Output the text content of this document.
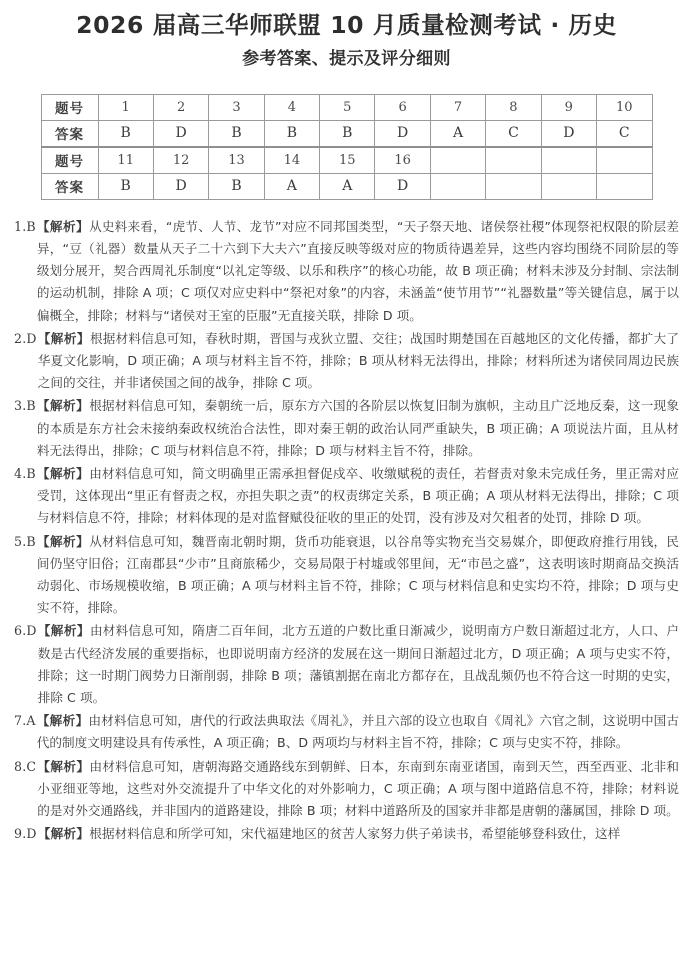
2026 届高三华师联盟 10 月质量检测考试 · 历史
参考答案、提示及评分细则
题号	1	2	3	4	5	6	7	8	9	10
答案	B	D	B	B	B	D	A	C	D	C
题号	11	12	13	14	15	16				
答案	B	D	B	A	A	D				
1.B 【解析】从史料来看，“虎节、人节、龙节”对应不同邦国类型，“天子祭天地、诸侯祭社稷”体现祭祀权限的阶层差异，“豆（礼器）数量从天子二十六到下大夫六”直接反映等级对应的物质待遇差异，这些内容均围绕不同阶层的等级划分展开，契合西周礼乐制度“以礼定等级、以乐和秩序”的核心功能，故 B 项正确；材料未涉及分封制、宗法制的运动机制，排除 A 项；C 项仅对应史料中“祭祀对象”的内容，未涵盖“使节用节”“礼器数量”等关键信息，属于以偏概全，排除；材料与“诸侯对王室的臣服”无直接关联，排除 D 项。
2.D 【解析】根据材料信息可知，春秋时期，晋国与戎狄立盟、交往；战国时期楚国在百越地区的文化传播，都扩大了华夏文化影响，D 项正确；A 项与材料主旨不符，排除；B 项从材料无法得出，排除；材料所述为诸侯同周边民族之间的交往，并非诸侯国之间的战争，排除 C 项。
3.B 【解析】根据材料信息可知，秦朝统一后，原东方六国的各阶层以恢复旧制为旗帜，主动且广泛地反秦，这一现象的本质是东方社会未接纳秦政权统治合法性，即对秦王朝的政治认同严重缺失，B 项正确；A 项说法片面，且从材料无法得出，排除；C 项与材料信息不符，排除；D 项与材料主旨不符，排除。
4.B 【解析】由材料信息可知，简文明确里正需承担督促戍卒、收缴赋税的责任，若督责对象未完成任务，里正需对应受罚，这体现出“里正有督责之权，亦担失职之责”的权责绑定关系，B 项正确；A 项从材料无法得出，排除；C 项与材料信息不符，排除；材料体现的是对监督赋役征收的里正的处罚，没有涉及对欠租者的处罚，排除 D 项。
5.B 【解析】从材料信息可知，魏晋南北朝时期，货币功能衰退，以谷帛等实物充当交易媒介，即便政府推行用钱，民间仍坚守旧俗；江南郡县“少市”且商旅稀少，交易局限于村墟或邻里间，无“市邑之盛”，这表明该时期商品交换活动弱化、市场规模收缩，B 项正确；A 项与材料主旨不符，排除；C 项与材料信息和史实均不符，排除；D 项与史实不符，排除。
6.D 【解析】由材料信息可知，隋唐二百年间，北方五道的户数比重日渐减少，说明南方户数日渐超过北方，人口、户数是古代经济发展的重要指标，也即说明南方经济的发展在这一期间日渐超过北方，D 项正确；A 项与史实不符，排除；这一时期门阀势力日渐削弱，排除 B 项；藩镇割据在南北方都存在，且战乱频仍也不符合这一时期的史实，排除 C 项。
7.A 【解析】由材料信息可知，唐代的行政法典取法《周礼》，并且六部的设立也取自《周礼》六官之制，这说明中国古代的制度文明建设具有传承性，A 项正确；B、D 两项均与材料主旨不符，排除；C 项与史实不符，排除。
8.C 【解析】由材料信息可知，唐朝海路交通路线东到朝鲜、日本，东南到东南亚诸国，南到天竺，西至西亚、北非和小亚细亚等地，这些对外交流提升了中华文化的对外影响力，C 项正确；A 项与图中道路信息不符，排除；材料说的是对外交通路线，并非国内的道路建设，排除 B 项；材料中道路所及的国家并非都是唐朝的藩属国，排除 D 项。
9.D 【解析】根据材料信息和所学可知，宋代福建地区的贫苦人家努力供子弟读书，希望能够登科致仕，这样
